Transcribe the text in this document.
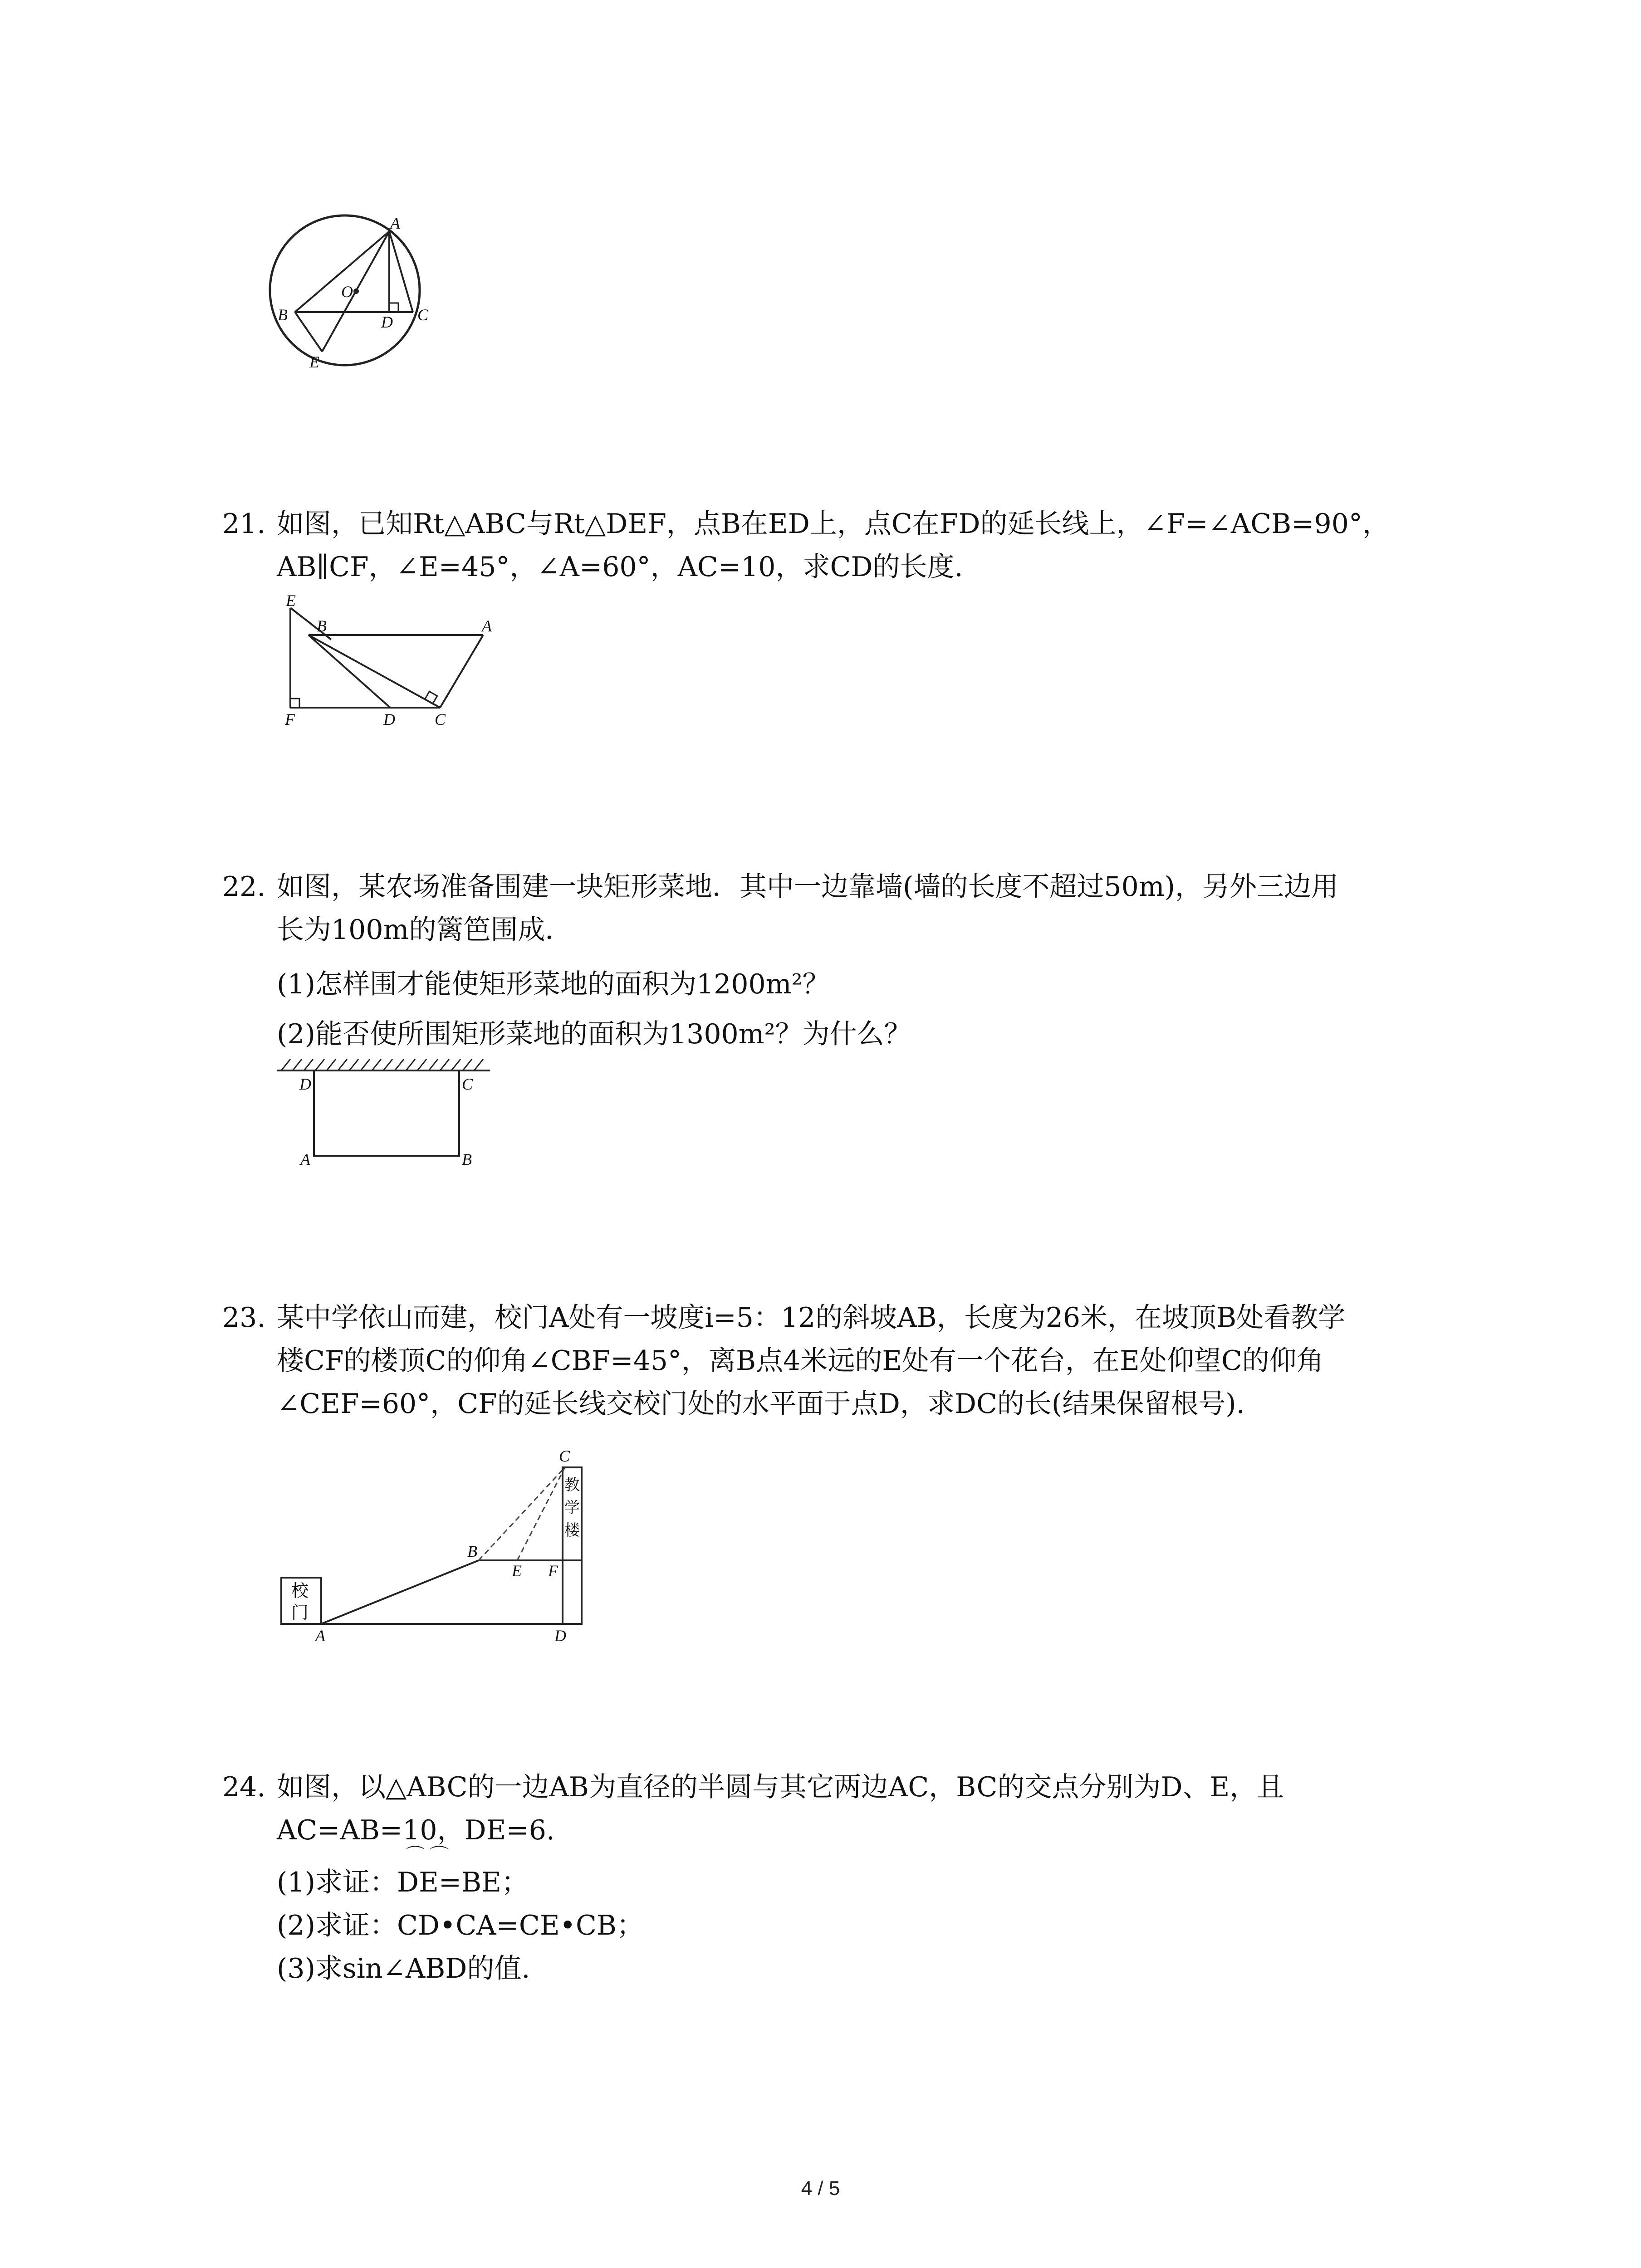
A
O
B	C
D
E
21. 如图，已知Rt△ABC与Rt△DEF，点B在ED上，点C在FD的延长线上，∠F=∠ACB=90°，
AB∥CF，∠E=45°，∠A=60°，AC=10，求CD的长度.
E
B	A
F	D C
22. 如图，某农场准备围建一块矩形菜地．其中一边靠墙(墙的长度不超过50m)，另外三边用
长为100m的篱笆围成．
(1)怎样围才能使矩形菜地的面积为1200m²？
(2)能否使所围矩形菜地的面积为1300m²？为什么？
D	C
A	B
23. 某中学依山而建，校门A处有一坡度i=5：12的斜坡AB，长度为26米，在坡顶B处看教学
楼CF的楼顶C的仰角∠CBF=45°，离B点4米远的E处有一个花台，在E处仰望C的仰角
∠CEF=60°，CF的延长线交校门处的水平面于点D，求DC的长(结果保留根号).
校
门
教
学
楼
C
B
E F
A	D
24. 如图，以△ABC的一边AB为直径的半圆与其它两边AC，BC的交点分别为D、E，且
AC=AB=10，DE=6.
⌒ ⌒
(1)求证：DE=BE；
(2)求证：CD•CA=CE•CB；
(3)求sin∠ABD的值.
4 / 5
